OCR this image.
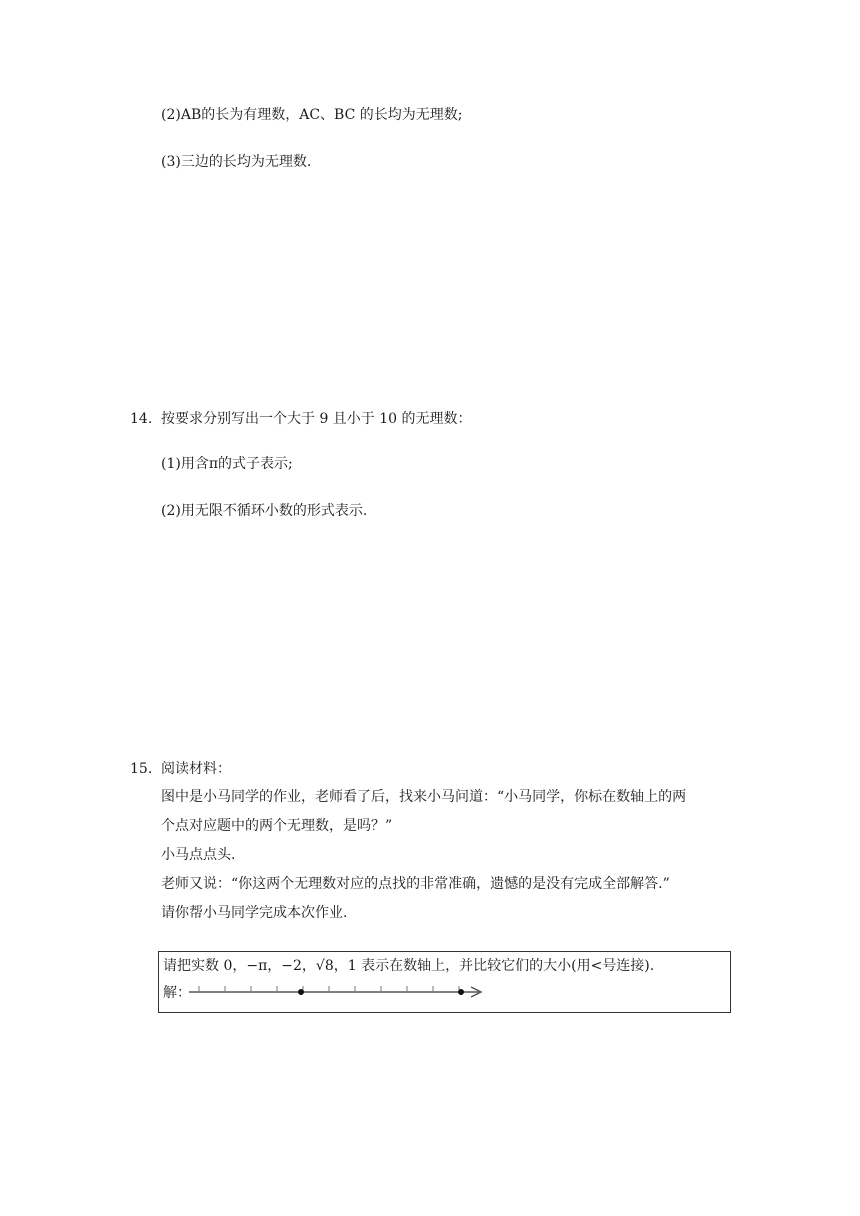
(2)AB的长为有理数，AC、BC 的长均为无理数;
(3)三边的长均为无理数.
14. 按要求分别写出一个大于 9 且小于 10 的无理数：
(1)用含π的式子表示;
(2)用无限不循环小数的形式表示.
15. 阅读材料：
图中是小马同学的作业，老师看了后，找来小马问道：“小马同学，你标在数轴上的两
个点对应题中的两个无理数，是吗？”
小马点点头.
老师又说：“你这两个无理数对应的点找的非常准确，遗憾的是没有完成全部解答.”
请你帮小马同学完成本次作业.
请把实数 0，−π，−2，√8，1 表示在数轴上，并比较它们的大小(用<号连接).
解：
